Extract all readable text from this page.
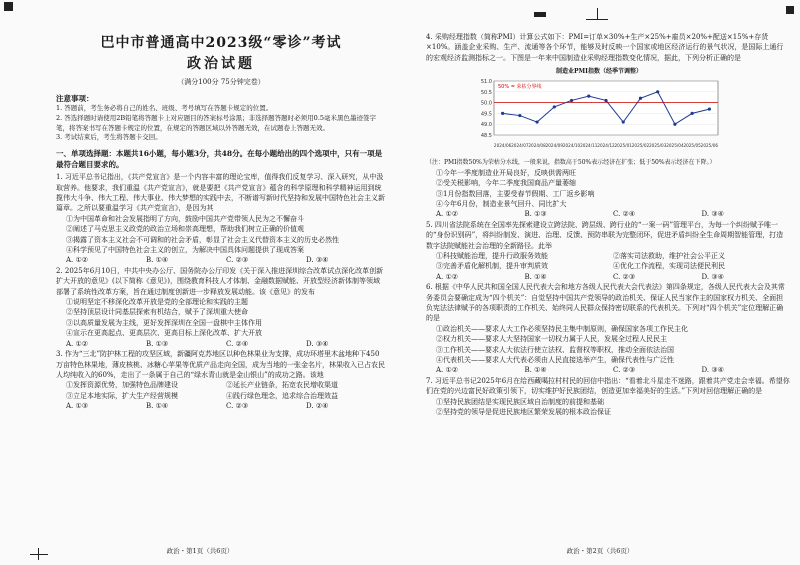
巴中市普通高中2023级“零诊”考试

政治试题

（满分100分 75分钟完卷）

注意事项：

1. 答题前，考生务必将自己的姓名、班级、考号填写在答题卡规定的位置。

2. 答选择题时请使用2B铅笔将答题卡上对应题目的答案标号涂黑；非选择题答题时必须用0.5毫米黑色墨迹签字笔，将答案书写在答题卡规定的位置，在规定的答题区域以外答题无效，在试题卷上答题无效。

3. 考试结束后，考生将答题卡交回。

一、单项选择题：本题共16小题，每小题3分，共48分。在每小题给出的四个选项中，只有一项是最符合题目要求的。

1. 习近平总书记指出，《共产党宣言》是一个内容丰富的理论宝库，值得我们反复学习、深入研究，从中汲取营养。他要求，我们重温《共产党宣言》，就是要把《共产党宣言》蕴含的科学原理和科学精神运用到统揽伟大斗争、伟大工程、伟大事业、伟大梦想的实践中去，不断谱写新时代坚持和发展中国特色社会主义新篇章。之所以要重温学习《共产党宣言》，是因为其

①为中国革命和社会发展指明了方向，鼓励中国共产党带领人民为之不懈奋斗

②阐述了马克思主义政党的政治立场和崇高理想，帮助我们树立正确的价值观

③揭露了资本主义社会不可调和的社会矛盾，彰显了社会主义代替资本主义的历史必然性

④科学预见了中国特色社会主义的创立，为解决中国具体问题提供了现成答案

A. ①②	B. ①④	C. ②③	D. ③④

2. 2025年6月10日，中共中央办公厅、国务院办公厅印发《关于深入推进深圳综合改革试点深化改革创新扩大开放的意见》(以下简称《意见》)，围绕教育科技人才体制、金融数据赋能、开放型经济新体制等领域部署了系统性改革方案，旨在通过制度创新进一步释放发展动能。该《意见》的发布

①说明坚定不移深化改革开放是党的全部理论和实践的主题

②坚持顶层设计同基层探索有机结合，赋予了深圳重大使命

③以高质量发展为主线，更好发挥深圳在全国一盘棋中主体作用

④宣示在更高起点、更高层次、更高目标上深化改革、扩大开放

A. ①②	B. ①③	C. ②④	D. ③④

3. 作为“三北”防护林工程的攻坚区域，新疆阿克苏地区以种色林果业为支撑，成功环塔里木盆地种下450万亩特色林果地，薄皮核桃、冰糖心苹果等优质产品走向全国，成为当地的一张金名片，林果收入已占农民人均纯收入的60%，走出了一条属于自己的“绿水青山就是金山银山”的成功之路。该地

①发挥资源优势，加强特色品牌建设	②延长产业链条，拓宽农民增收渠道
③立足本地实际，扩大生产经营规模	④践行绿色理念，追求综合治理效益
A. ①③	B. ①④	C. ②③	D. ②④
政治・第1页（共6页）

4. 采购经理指数（简称PMI）计算公式如下：PMI=订单×30%+生产×25%+雇员×20%+配送×15%+存货×10%。涵盖企业采购、生产、流通等各个环节，能够及时反映一个国家或地区经济运行的景气状况，是国际上通行的宏观经济监测指标之一。下图是一年来中国制造业采购经理指数变化情况，据此，下列分析正确的是

制造业PMI指数（经季节调整）
48.5
49.0
49.5
50.0
50.5
51.0
50% = 荣枯分界线
2024/06 2024/07 2024/08 2024/09 2024/10 2024/11 2024/12 2025/01 2025/02 2025/03 2025/04 2025/05 2025/06

（注：PMI指数50%为荣枯分水线，一般来说，指数高于50%表示经济在扩张；低于50%表示经济在下降。）

①今年一季度制造业开局良好，反映供需两旺

②受关税影响，今年二季度我国商品产量萎缩

③1月份指数回落，主要受春节假期、工厂返乡影响

④今年6月份，制造业景气回升、同比扩大

A. ①②	B. ①③	C. ②④	D. ③④

5. 四川省法院系统在全国率先探索建设立跨法院、跨层级、跨行业的“一案一码”管理平台，为每一个纠纷赋予唯一的“身份识别码”，将纠纷制发、演进、治理、反馈、预防串联为完整闭环，促进矛盾纠纷全生命周期智能管理，打造数字法院赋能社会治理的全新路径。此举

①科技赋能治理，提升行政服务效能	②落实司法救助，维护社会公平正义
③完善矛盾化解机制，提升审判质效	④优化工作流程，实现司法便民利民
A. ①②	B. ①④	C. ②③	D. ③④

6. 根据《中华人民共和国全国人民代表大会和地方各级人民代表大会代表法》第四条规定，各级人民代表大会及其常务委员会要确定成为“四个机关”：自觉坚持中国共产党领导的政治机关、保证人民当家作主的国家权力机关、全面担负宪法法律赋予的各项职责的工作机关、始终同人民群众保持密切联系的代表机关。下列对“四个机关”定位理解正确的是

①政治机关——要求人大工作必须坚持民主集中制原则，确保国家各项工作民主化

②权力机关——要求人大坚持国家一切权力属于人民，发展全过程人民民主

③工作机关——要求人大依法行使立法权、监督权等职权，推动全面依法治国

④代表机关——要求人大代表必须由人民直接选举产生，确保代表性与广泛性

A. ①②	B. ①④	C. ②③	D. ③④

7. 习近平总书记2025年6月在给西藏噶拉村村民的回信中指出：“看着北斗星走不迷路，跟着共产党走会幸福。希望你们在党的兴边富民好政策引领下，切实维护好民族团结，创造更加幸福美好的生活。”下列对回信理解正确的是

①坚持民族团结是实现民族区域自治制度的前提和基础

②坚持党的领导是促进民族地区繁荣发展的根本政治保证

政治・第2页（共6页）
